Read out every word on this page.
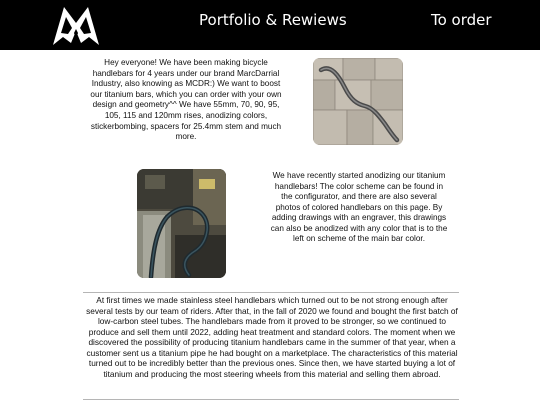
Portfolio & Rewiews	To order

Hey everyone! We have been making bicycle handlebars for 4 years under our brand MarcDarrial Industry, also knowing as MCDR:) We want to boost our titanium bars, which you can order with your own design and geometry^^ We have 55mm, 70, 90, 95, 105, 115 and 120mm rises, anodizing colors, stickerbombing, spacers for 25.4mm stem and much more.

We have recently started anodizing our titanium handlebars! The color scheme can be found in the configurator, and there are also several photos of colored handlebars on this page. By adding drawings with an engraver, this drawings can also be anodized with any color that is to the left on scheme of the main bar color.

At first times we made stainless steel handlebars which turned out to be not strong enough after several tests by our team of riders. After that, in the fall of 2020 we found and bought the first batch of low-carbon steel tubes. The handlebars made from it proved to be stronger, so we continued to produce and sell them until 2022, adding heat treatment and standard colors. The moment when we discovered the possibility of producing titanium handlebars came in the summer of that year, when a customer sent us a titanium pipe he had bought on a marketplace. The characteristics of this material turned out to be incredibly better than the previous ones. Since then, we have started buying a lot of titanium and producing the most steering wheels from this material and selling them abroad.
